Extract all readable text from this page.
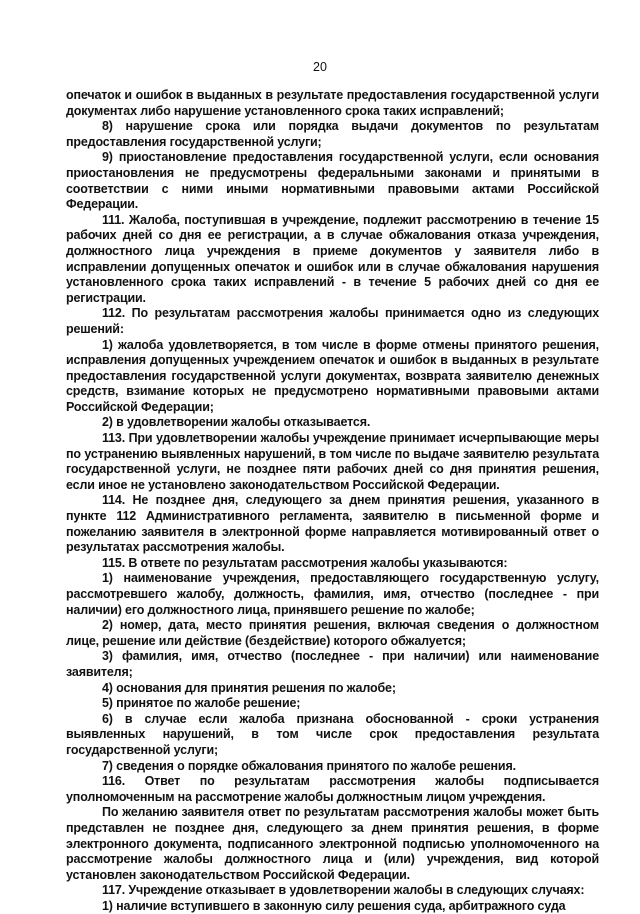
20

опечаток и ошибок в выданных в результате предоставления государственной услуги документах либо нарушение установленного срока таких исправлений;

8) нарушение срока или порядка выдачи документов по результатам предоставления государственной услуги;

9) приостановление предоставления государственной услуги, если основания приостановления не предусмотрены федеральными законами и принятыми в соответствии с ними иными нормативными правовыми актами Российской Федерации.

111. Жалоба, поступившая в учреждение, подлежит рассмотрению в течение 15 рабочих дней со дня ее регистрации, а в случае обжалования отказа учреждения, должностного лица учреждения в приеме документов у заявителя либо в исправлении допущенных опечаток и ошибок или в случае обжалования нарушения установленного срока таких исправлений - в течение 5 рабочих дней со дня ее регистрации.

112. По результатам рассмотрения жалобы принимается одно из следующих решений:

1) жалоба удовлетворяется, в том числе в форме отмены принятого решения, исправления допущенных учреждением опечаток и ошибок в выданных в результате предоставления государственной услуги документах, возврата заявителю денежных средств, взимание которых не предусмотрено нормативными правовыми актами Российской Федерации;

2) в удовлетворении жалобы отказывается.

113. При удовлетворении жалобы учреждение принимает исчерпывающие меры по устранению выявленных нарушений, в том числе по выдаче заявителю результата государственной услуги, не позднее пяти рабочих дней со дня принятия решения, если иное не установлено законодательством Российской Федерации.

114. Не позднее дня, следующего за днем принятия решения, указанного в пункте 112 Административного регламента, заявителю в письменной форме и пожеланию заявителя в электронной форме направляется мотивированный ответ о результатах рассмотрения жалобы.

115. В ответе по результатам рассмотрения жалобы указываются:

1) наименование учреждения, предоставляющего государственную услугу, рассмотревшего жалобу, должность, фамилия, имя, отчество (последнее - при наличии) его должностного лица, принявшего решение по жалобе;

2) номер, дата, место принятия решения, включая сведения о должностном лице, решение или действие (бездействие) которого обжалуется;

3) фамилия, имя, отчество (последнее - при наличии) или наименование заявителя;

4) основания для принятия решения по жалобе;

5) принятое по жалобе решение;

6) в случае если жалоба признана обоснованной - сроки устранения выявленных нарушений, в том числе срок предоставления результата государственной услуги;

7) сведения о порядке обжалования принятого по жалобе решения.

116. Ответ по результатам рассмотрения жалобы подписывается уполномоченным на рассмотрение жалобы должностным лицом учреждения.

По желанию заявителя ответ по результатам рассмотрения жалобы может быть представлен не позднее дня, следующего за днем принятия решения, в форме электронного документа, подписанного электронной подписью уполномоченного на рассмотрение жалобы должностного лица и (или) учреждения, вид которой установлен законодательством Российской Федерации.

117. Учреждение отказывает в удовлетворении жалобы в следующих случаях:

1) наличие вступившего в законную силу решения суда, арбитражного суда
